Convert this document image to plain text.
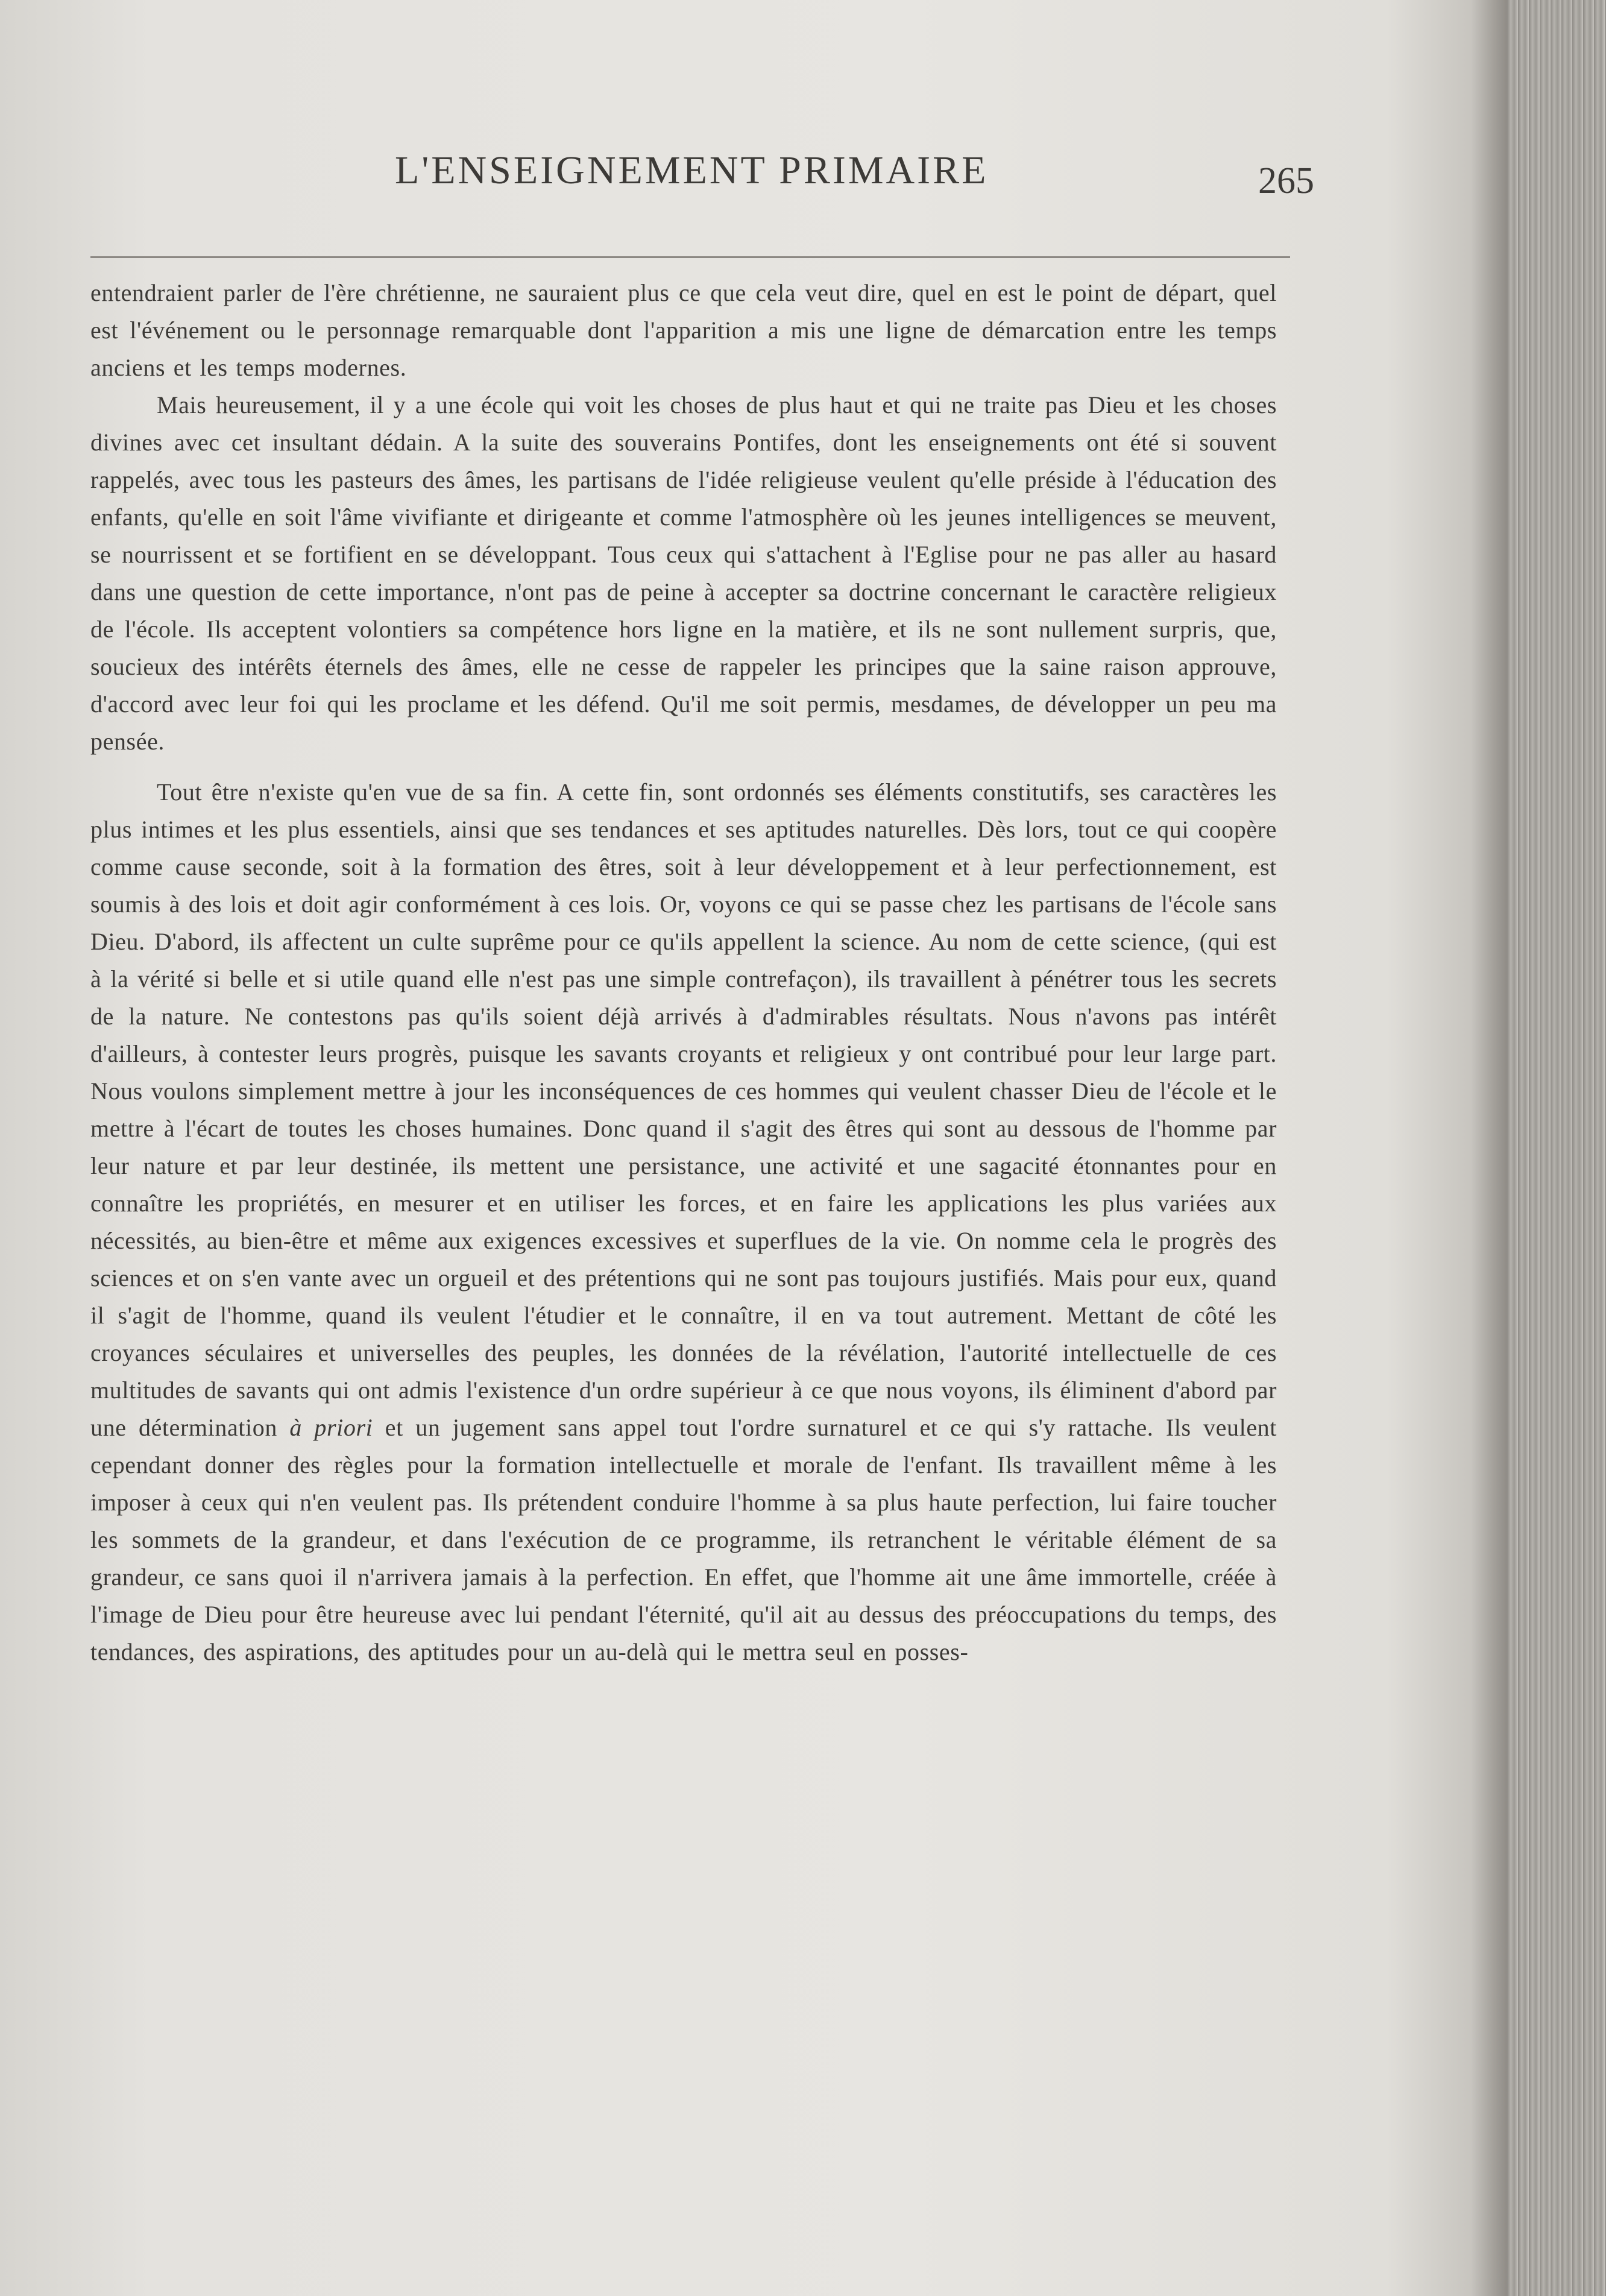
L'ENSEIGNEMENT PRIMAIRE	265

entendraient parler de l'ère chrétienne, ne sauraient plus ce que cela veut dire, quel en est le point de départ, quel est l'événement ou le personnage remarquable dont l'apparition a mis une ligne de démarcation entre les temps anciens et les temps modernes.

Mais heureusement, il y a une école qui voit les choses de plus haut et qui ne traite pas Dieu et les choses divines avec cet insultant dédain. A la suite des souverains Pontifes, dont les enseignements ont été si souvent rappelés, avec tous les pasteurs des âmes, les partisans de l'idée religieuse veulent qu'elle préside à l'éducation des enfants, qu'elle en soit l'âme vivifiante et dirigeante et comme l'atmosphère où les jeunes intelligences se meuvent, se nourrissent et se fortifient en se développant. Tous ceux qui s'attachent à l'Eglise pour ne pas aller au hasard dans une question de cette importance, n'ont pas de peine à accepter sa doctrine concernant le caractère religieux de l'école. Ils acceptent volontiers sa compétence hors ligne en la matière, et ils ne sont nullement surpris, que, soucieux des intérêts éternels des âmes, elle ne cesse de rappeler les principes que la saine raison approuve, d'accord avec leur foi qui les proclame et les défend. Qu'il me soit permis, mesdames, de développer un peu ma pensée.

Tout être n'existe qu'en vue de sa fin. A cette fin, sont ordonnés ses éléments constitutifs, ses caractères les plus intimes et les plus essentiels, ainsi que ses tendances et ses aptitudes naturelles. Dès lors, tout ce qui coopère comme cause seconde, soit à la formation des êtres, soit à leur développement et à leur perfectionnement, est soumis à des lois et doit agir conformément à ces lois. Or, voyons ce qui se passe chez les partisans de l'école sans Dieu. D'abord, ils affectent un culte suprême pour ce qu'ils appellent la science. Au nom de cette science, (qui est à la vérité si belle et si utile quand elle n'est pas une simple contrefaçon), ils travaillent à pénétrer tous les secrets de la nature. Ne contestons pas qu'ils soient déjà arrivés à d'admirables résultats. Nous n'avons pas intérêt d'ailleurs, à contester leurs progrès, puisque les savants croyants et religieux y ont contribué pour leur large part. Nous voulons simplement mettre à jour les inconséquences de ces hommes qui veulent chasser Dieu de l'école et le mettre à l'écart de toutes les choses humaines. Donc quand il s'agit des êtres qui sont au dessous de l'homme par leur nature et par leur destinée, ils mettent une persistance, une activité et une sagacité étonnantes pour en connaître les propriétés, en mesurer et en utiliser les forces, et en faire les applications les plus variées aux nécessités, au bien-être et même aux exigences excessives et superflues de la vie. On nomme cela le progrès des sciences et on s'en vante avec un orgueil et des prétentions qui ne sont pas toujours justifiés. Mais pour eux, quand il s'agit de l'homme, quand ils veulent l'étudier et le connaître, il en va tout autrement. Mettant de côté les croyances séculaires et universelles des peuples, les données de la révélation, l'autorité intellectuelle de ces multitudes de savants qui ont admis l'existence d'un ordre supérieur à ce que nous voyons, ils éliminent d'abord par une détermination à priori et un jugement sans appel tout l'ordre surnaturel et ce qui s'y rattache. Ils veulent cependant donner des règles pour la formation intellectuelle et morale de l'enfant. Ils travaillent même à les imposer à ceux qui n'en veulent pas. Ils prétendent conduire l'homme à sa plus haute perfection, lui faire toucher les sommets de la grandeur, et dans l'exécution de ce programme, ils retranchent le véritable élément de sa grandeur, ce sans quoi il n'arrivera jamais à la perfection. En effet, que l'homme ait une âme immortelle, créée à l'image de Dieu pour être heureuse avec lui pendant l'éternité, qu'il ait au dessus des préoccupations du temps, des tendances, des aspirations, des aptitudes pour un au-delà qui le mettra seul en posses-
